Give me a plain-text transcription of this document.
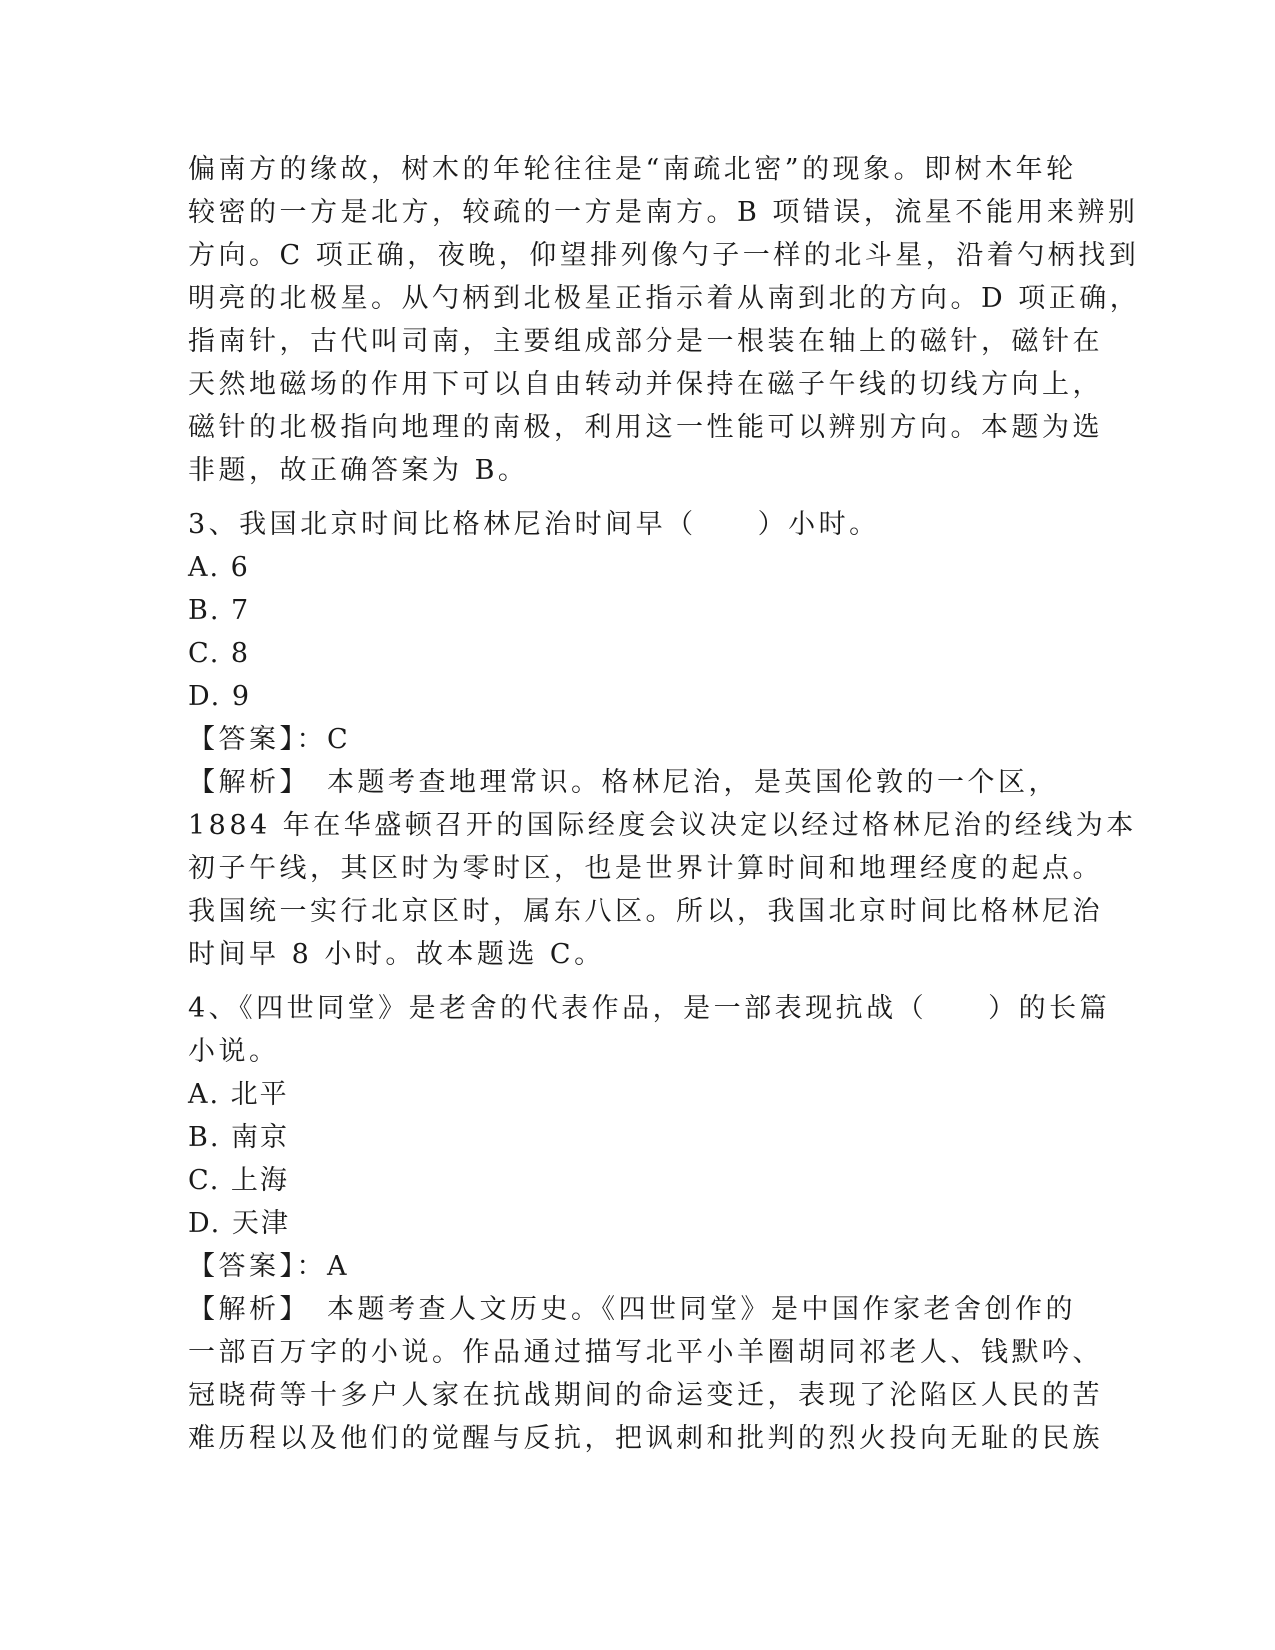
偏南方的缘故，树木的年轮往往是“南疏北密”的现象。即树木年轮
较密的一方是北方，较疏的一方是南方。B 项错误，流星不能用来辨别
方向。C 项正确，夜晚，仰望排列像勺子一样的北斗星，沿着勺柄找到
明亮的北极星。从勺柄到北极星正指示着从南到北的方向。D 项正确，
指南针，古代叫司南，主要组成部分是一根装在轴上的磁针，磁针在
天然地磁场的作用下可以自由转动并保持在磁子午线的切线方向上，
磁针的北极指向地理的南极，利用这一性能可以辨别方向。本题为选
非题，故正确答案为 B。
3、我国北京时间比格林尼治时间早（　　）小时。
A. 6
B. 7
C. 8
D. 9
【答案】：C
【解析】　本题考查地理常识。格林尼治，是英国伦敦的一个区，
1884 年在华盛顿召开的国际经度会议决定以经过格林尼治的经线为本
初子午线，其区时为零时区，也是世界计算时间和地理经度的起点。
我国统一实行北京区时，属东八区。所以，我国北京时间比格林尼治
时间早 8 小时。故本题选 C。
4、《四世同堂》是老舍的代表作品，是一部表现抗战（　　）的长篇
小说。
A. 北平
B. 南京
C. 上海
D. 天津
【答案】：A
【解析】　本题考查人文历史。《四世同堂》是中国作家老舍创作的
一部百万字的小说。作品通过描写北平小羊圈胡同祁老人、钱默吟、
冠晓荷等十多户人家在抗战期间的命运变迁，表现了沦陷区人民的苦
难历程以及他们的觉醒与反抗，把讽刺和批判的烈火投向无耻的民族
